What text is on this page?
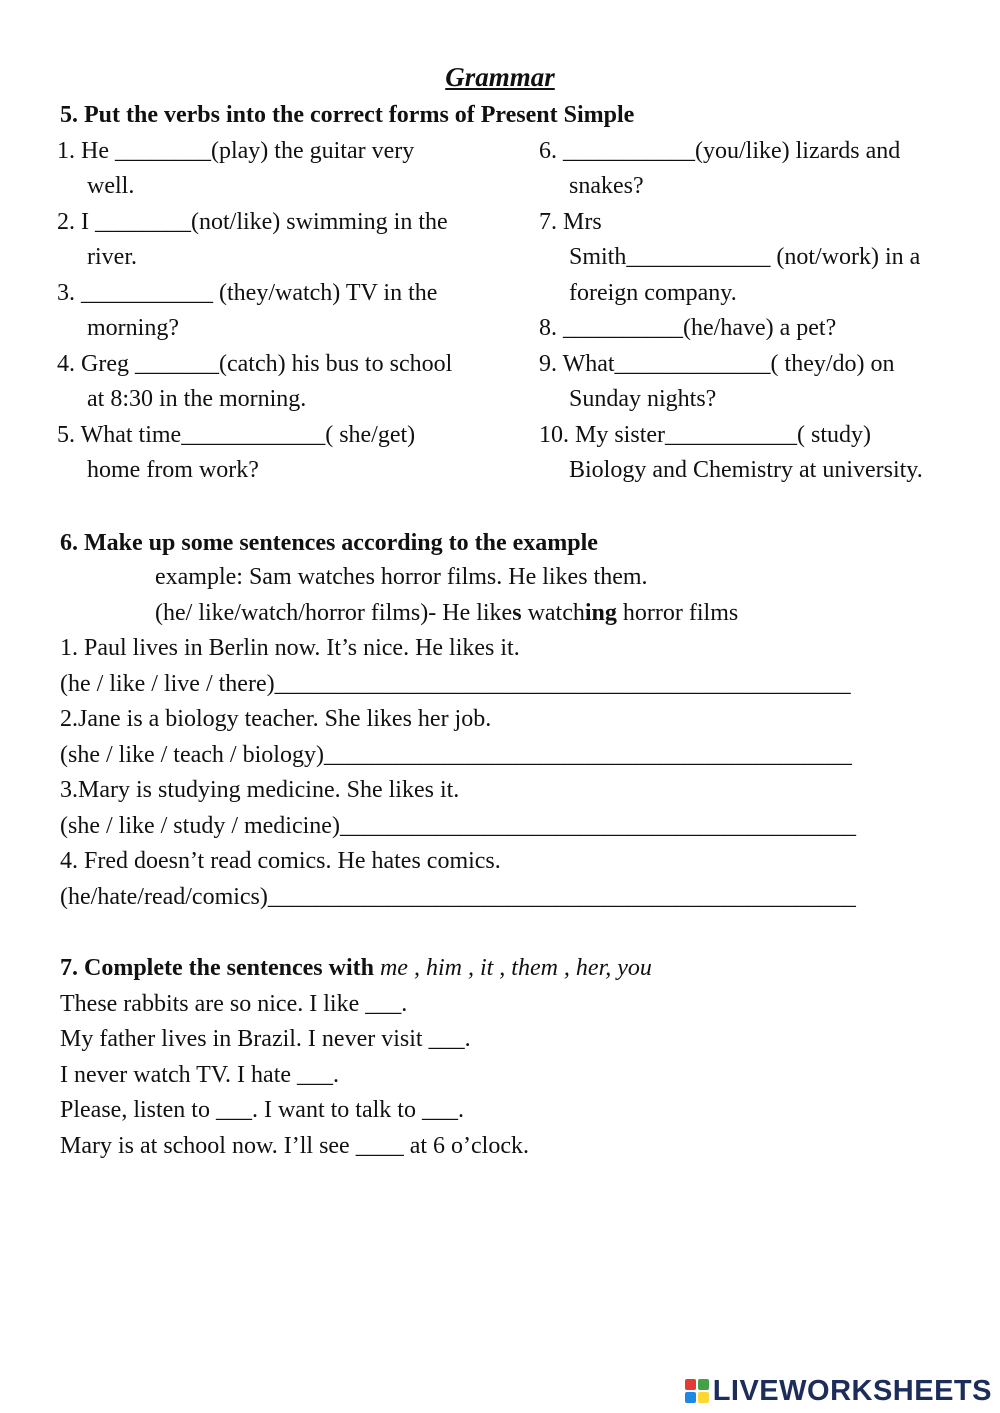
Grammar
5. Put the verbs into the correct forms of Present Simple
1. He ________(play) the guitar very
well.
2. I ________(not/like) swimming in the
river.
3. ___________ (they/watch) TV in the
morning?
4. Greg _______(catch) his bus to school
at 8:30 in the morning.
5. What time____________( she/get)
home from work?
6. ___________(you/like) lizards and
snakes?
7. Mrs
Smith____________ (not/work) in a
foreign company.
8. __________(he/have) a pet?
9. What_____________( they/do) on
Sunday nights?
10. My sister___________( study)
Biology and Chemistry at university.
6. Make up some sentences according to the example
example: Sam watches horror films. He likes them.
(he/ like/watch/horror films)- He likes watching horror films
1. Paul lives in Berlin now. It’s nice. He likes it.
(he / like / live / there)________________________________________________
2.Jane is a biology teacher. She likes her job.
(she / like / teach / biology)____________________________________________
3.Mary is studying medicine. She likes it.
(she / like / study / medicine)___________________________________________
4. Fred doesn’t read comics. He hates comics.
(he/hate/read/comics)_________________________________________________
7. Complete the sentences with me , him , it , them , her, you
These rabbits are so nice. I like ___.
My father lives in Brazil. I never visit ___.
I never watch TV. I hate ___.
Please, listen to ___. I want to talk to ___.
Mary is at school now. I’ll see ____ at 6 o’clock.
LIVEWORKSHEETS
